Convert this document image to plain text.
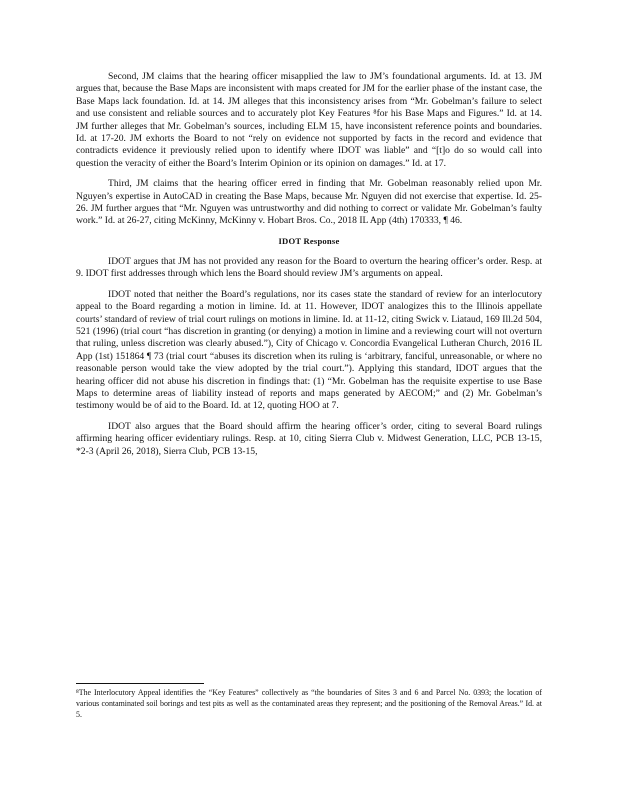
Second, JM claims that the hearing officer misapplied the law to JM’s foundational arguments. Id. at 13. JM argues that, because the Base Maps are inconsistent with maps created for JM for the earlier phase of the instant case, the Base Maps lack foundation. Id. at 14. JM alleges that this inconsistency arises from “Mr. Gobelman’s failure to select and use consistent and reliable sources and to accurately plot Key Features ⁸for his Base Maps and Figures.” Id. at 14. JM further alleges that Mr. Gobelman’s sources, including ELM 15, have inconsistent reference points and boundaries. Id. at 17-20. JM exhorts the Board to not “rely on evidence not supported by facts in the record and evidence that contradicts evidence it previously relied upon to identify where IDOT was liable” and “[t]o do so would call into question the veracity of either the Board’s Interim Opinion or its opinion on damages.” Id. at 17.

Third, JM claims that the hearing officer erred in finding that Mr. Gobelman reasonably relied upon Mr. Nguyen’s expertise in AutoCAD in creating the Base Maps, because Mr. Nguyen did not exercise that expertise. Id. 25-26. JM further argues that “Mr. Nguyen was untrustworthy and did nothing to correct or validate Mr. Gobelman’s faulty work.” Id. at 26-27, citing McKinny, McKinny v. Hobart Bros. Co., 2018 IL App (4th) 170333, ¶ 46.

IDOT Response

IDOT argues that JM has not provided any reason for the Board to overturn the hearing officer’s order. Resp. at 9. IDOT first addresses through which lens the Board should review JM’s arguments on appeal.

IDOT noted that neither the Board’s regulations, nor its cases state the standard of review for an interlocutory appeal to the Board regarding a motion in limine. Id. at 11. However, IDOT analogizes this to the Illinois appellate courts’ standard of review of trial court rulings on motions in limine. Id. at 11-12, citing Swick v. Liataud, 169 Ill.2d 504, 521 (1996) (trial court “has discretion in granting (or denying) a motion in limine and a reviewing court will not overturn that ruling, unless discretion was clearly abused.”), City of Chicago v. Concordia Evangelical Lutheran Church, 2016 IL App (1st) 151864 ¶ 73 (trial court “abuses its discretion when its ruling is ‘arbitrary, fanciful, unreasonable, or where no reasonable person would take the view adopted by the trial court.”). Applying this standard, IDOT argues that the hearing officer did not abuse his discretion in findings that: (1) “Mr. Gobelman has the requisite expertise to use Base Maps to determine areas of liability instead of reports and maps generated by AECOM;” and (2) Mr. Gobelman’s testimony would be of aid to the Board. Id. at 12, quoting HOO at 7.

IDOT also argues that the Board should affirm the hearing officer’s order, citing to several Board rulings affirming hearing officer evidentiary rulings. Resp. at 10, citing Sierra Club v. Midwest Generation, LLC, PCB 13-15, *2-3 (April 26, 2018), Sierra Club, PCB 13-15,

⁸The Interlocutory Appeal identifies the “Key Features” collectively as “the boundaries of Sites 3 and 6 and Parcel No. 0393; the location of various contaminated soil borings and test pits as well as the contaminated areas they represent; and the positioning of the Removal Areas.” Id. at 5.
